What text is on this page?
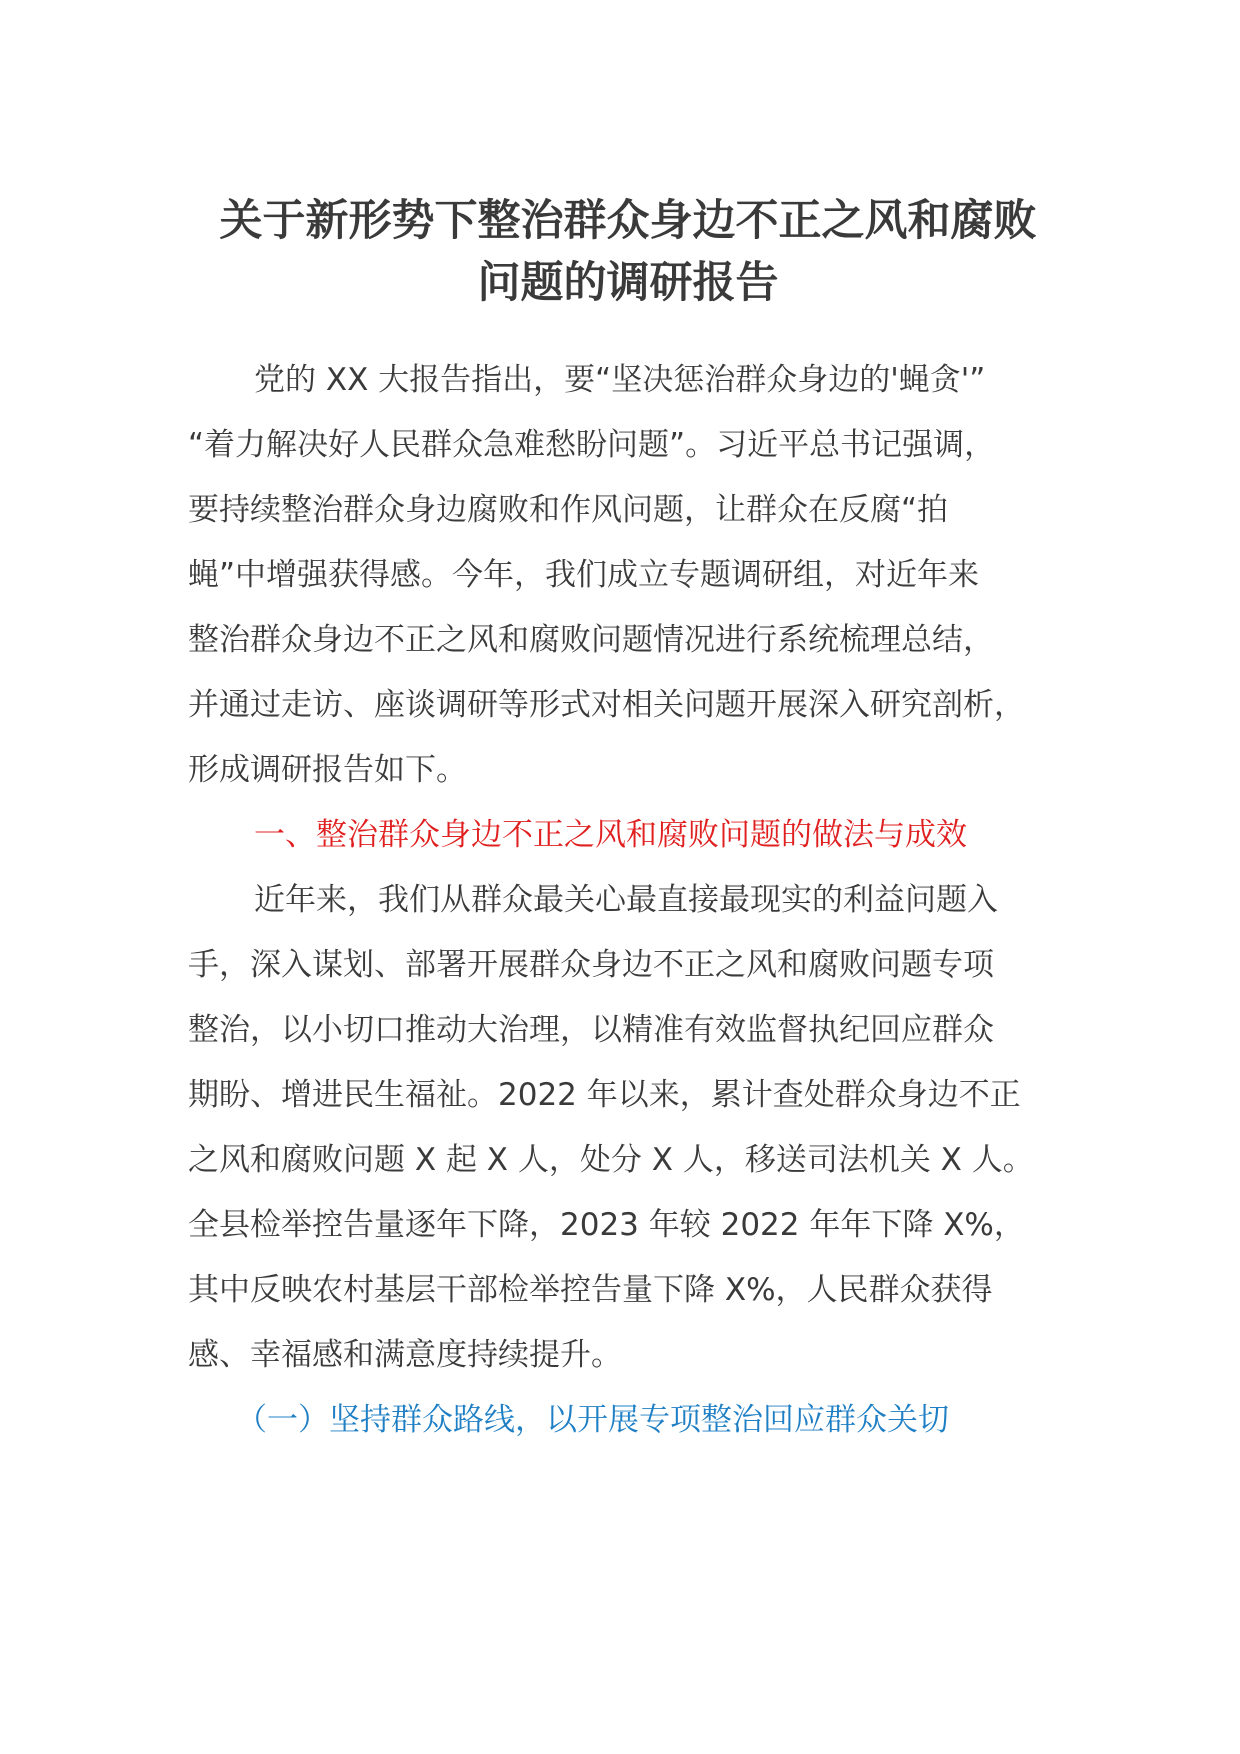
关于新形势下整治群众身边不正之风和腐败
问题的调研报告
党的 XX 大报告指出，要“坚决惩治群众身边的'蝇贪'”
“着力解决好人民群众急难愁盼问题”。习近平总书记强调，
要持续整治群众身边腐败和作风问题，让群众在反腐“拍
蝇”中增强获得感。今年，我们成立专题调研组，对近年来
整治群众身边不正之风和腐败问题情况进行系统梳理总结，
并通过走访、座谈调研等形式对相关问题开展深入研究剖析，
形成调研报告如下。
一、整治群众身边不正之风和腐败问题的做法与成效
近年来，我们从群众最关心最直接最现实的利益问题入
手，深入谋划、部署开展群众身边不正之风和腐败问题专项
整治，以小切口推动大治理，以精准有效监督执纪回应群众
期盼、增进民生福祉。2022 年以来，累计查处群众身边不正
之风和腐败问题 X 起 X 人，处分 X 人，移送司法机关 X 人。
全县检举控告量逐年下降，2023 年较 2022 年年下降 X%，
其中反映农村基层干部检举控告量下降 X%，人民群众获得
感、幸福感和满意度持续提升。
（一）坚持群众路线，以开展专项整治回应群众关切
